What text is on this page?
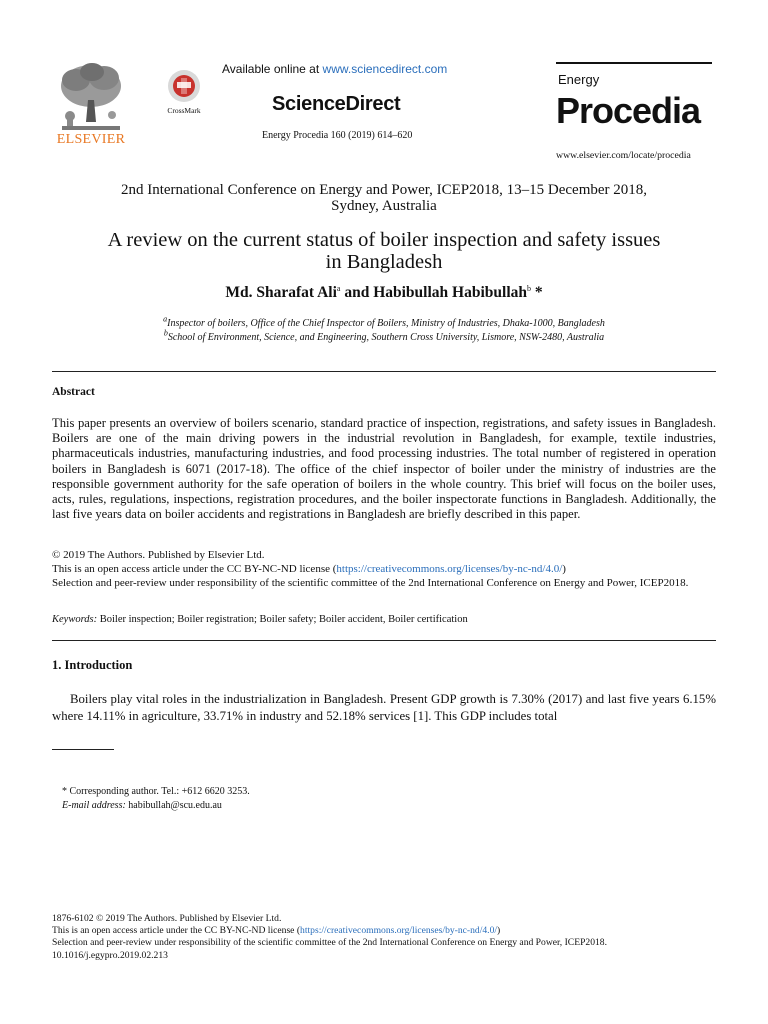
ELSEVIER
CrossMark
Available online at www.sciencedirect.com
ScienceDirect
Energy Procedia 160 (2019) 614–620
Energy
Procedia
www.elsevier.com/locate/procedia
2nd International Conference on Energy and Power, ICEP2018, 13–15 December 2018,
Sydney, Australia
A review on the current status of boiler inspection and safety issues
in Bangladesh
Md. Sharafat Ali$^a$ and Habibullah Habibullah$^b$ *
$^a$Inspector of boilers, Office of the Chief Inspector of Boilers, Ministry of Industries, Dhaka-1000, Bangladesh
$^b$School of Environment, Science, and Engineering, Southern Cross University, Lismore, NSW-2480, Australia
Abstract
This paper presents an overview of boilers scenario, standard practice of inspection, registrations, and safety issues in Bangladesh. Boilers are one of the main driving powers in the industrial revolution in Bangladesh, for example, textile industries, pharmaceuticals industries, manufacturing industries, and food processing industries. The total number of registered in operation boilers in Bangladesh is 6071 (2017-18). The office of the chief inspector of boiler under the ministry of industries are the responsible government authority for the safe operation of boilers in the whole country. This brief will focus on the boiler uses, acts, rules, regulations, inspections, registration procedures, and the boiler inspectorate functions in Bangladesh. Additionally, the last five years data on boiler accidents and registrations in Bangladesh are briefly described in this paper.
© 2019 The Authors. Published by Elsevier Ltd.
This is an open access article under the CC BY-NC-ND license (https://creativecommons.org/licenses/by-nc-nd/4.0/)
Selection and peer-review under responsibility of the scientific committee of the 2nd International Conference on Energy and Power, ICEP2018.
Keywords: Boiler inspection; Boiler registration; Boiler safety; Boiler accident, Boiler certification
1. Introduction
Boilers play vital roles in the industrialization in Bangladesh. Present GDP growth is 7.30% (2017) and last five years 6.15% where 14.11% in agriculture, 33.71% in industry and 52.18% services [1]. This GDP includes total
* Corresponding author. Tel.: +612 6620 3253.
E-mail address: habibullah@scu.edu.au
1876-6102 © 2019 The Authors. Published by Elsevier Ltd.
This is an open access article under the CC BY-NC-ND license (https://creativecommons.org/licenses/by-nc-nd/4.0/)
Selection and peer-review under responsibility of the scientific committee of the 2nd International Conference on Energy and Power, ICEP2018.
10.1016/j.egypro.2019.02.213
